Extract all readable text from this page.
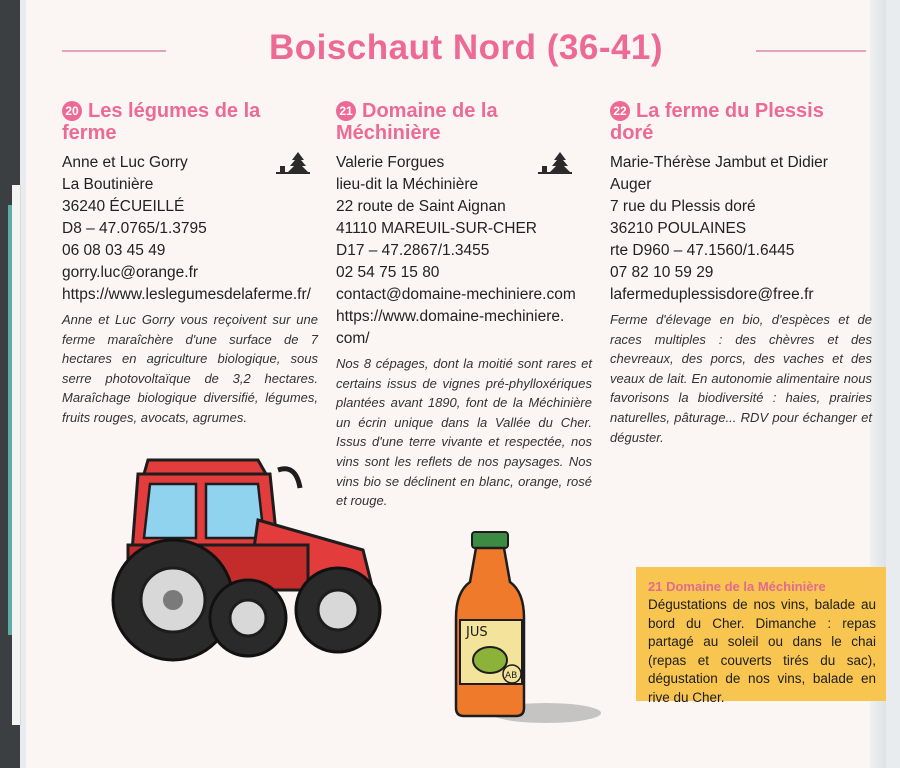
Boischaut Nord (36-41)
20 Les légumes de la ferme
Anne et Luc Gorry
La Boutinière
36240 ÉCUEILLÉ
D8 – 47.0765/1.3795
06 08 03 45 49
gorry.luc@orange.fr
https://www.leslegumesdelaferme.fr/
Anne et Luc Gorry vous reçoivent sur une ferme maraîchère d'une surface de 7 hectares en agriculture biologique, sous serre photovoltaïque de 3,2 hectares. Maraîchage biologique diversifié, légumes, fruits rouges, avocats, agrumes.
21 Domaine de la Méchinière
Valerie Forgues
lieu-dit la Méchinière
22 route de Saint Aignan
41110 MAREUIL-SUR-CHER
D17 – 47.2867/1.3455
02 54 75 15 80
contact@domaine-mechiniere.com
https://www.domaine-mechiniere.
com/
Nos 8 cépages, dont la moitié sont rares et certains issus de vignes pré-phylloxériques plantées avant 1890, font de la Méchinière un écrin unique dans la Vallée du Cher. Issus d'une terre vivante et respectée, nos vins sont les reflets de nos paysages. Nos vins bio se déclinent en blanc, orange, rosé et rouge.
22 La ferme du Plessis doré
Marie-Thérèse Jambut et Didier
Auger
7 rue du Plessis doré
36210 POULAINES
rte D960 – 47.1560/1.6445
07 82 10 59 29
lafermeduplessisdore@free.fr
Ferme d'élevage en bio, d'espèces et de races multiples : des chèvres et des chevreaux, des porcs, des vaches et des veaux de lait. En autonomie alimentaire nous favorisons la biodiversité : haies, prairies naturelles, pâturage... RDV pour échanger et déguster.
JUS
AB
21 Domaine de la Méchinière
Dégustations de nos vins, balade au bord du Cher. Dimanche : repas partagé au soleil ou dans le chai (repas et couverts tirés du sac), dégustation de nos vins, balade en rive du Cher.
